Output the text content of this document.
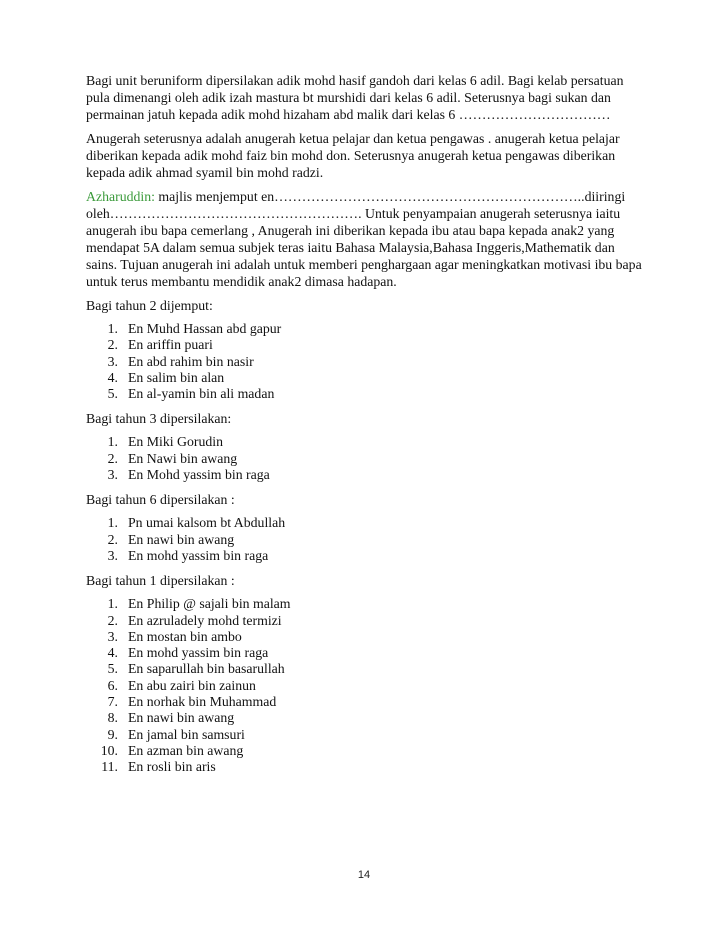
Bagi unit beruniform dipersilakan adik mohd hasif gandoh dari kelas 6 adil. Bagi kelab persatuan pula dimenangi oleh adik izah mastura bt murshidi dari kelas 6 adil. Seterusnya bagi sukan dan permainan jatuh kepada adik mohd hizaham abd malik dari kelas 6 ……………………………

Anugerah seterusnya adalah anugerah ketua pelajar dan ketua pengawas . anugerah ketua pelajar diberikan kepada adik mohd faiz bin mohd don. Seterusnya anugerah ketua pengawas diberikan kepada adik ahmad syamil bin mohd radzi.

Azharuddin: majlis menjemput en…………………………………………………………..diiringi oleh………………………………………………. Untuk penyampaian anugerah seterusnya iaitu anugerah ibu bapa cemerlang , Anugerah ini diberikan kepada ibu atau bapa kepada anak2 yang mendapat 5A dalam semua subjek teras iaitu Bahasa Malaysia,Bahasa Inggeris,Mathematik dan sains. Tujuan anugerah ini adalah untuk memberi penghargaan agar meningkatkan motivasi ibu bapa untuk terus membantu mendidik anak2 dimasa hadapan.

Bagi tahun 2 dijemput:

1. En Muhd Hassan abd gapur
2. En ariffin puari
3. En abd rahim bin nasir
4. En salim bin alan
5. En al-yamin bin ali madan

Bagi tahun 3 dipersilakan:

1. En Miki Gorudin
2. En Nawi bin awang
3. En Mohd yassim bin raga

Bagi tahun 6 dipersilakan :

1. Pn umai kalsom bt Abdullah
2. En nawi bin awang
3. En mohd yassim bin raga

Bagi tahun 1 dipersilakan :

1. En Philip @ sajali bin malam
2. En azruladely mohd termizi
3. En mostan bin ambo
4. En mohd yassim bin raga
5. En saparullah bin basarullah
6. En abu zairi bin zainun
7. En norhak bin Muhammad
8. En nawi bin awang
9. En jamal bin samsuri
10. En azman bin awang
11. En rosli bin aris
14
